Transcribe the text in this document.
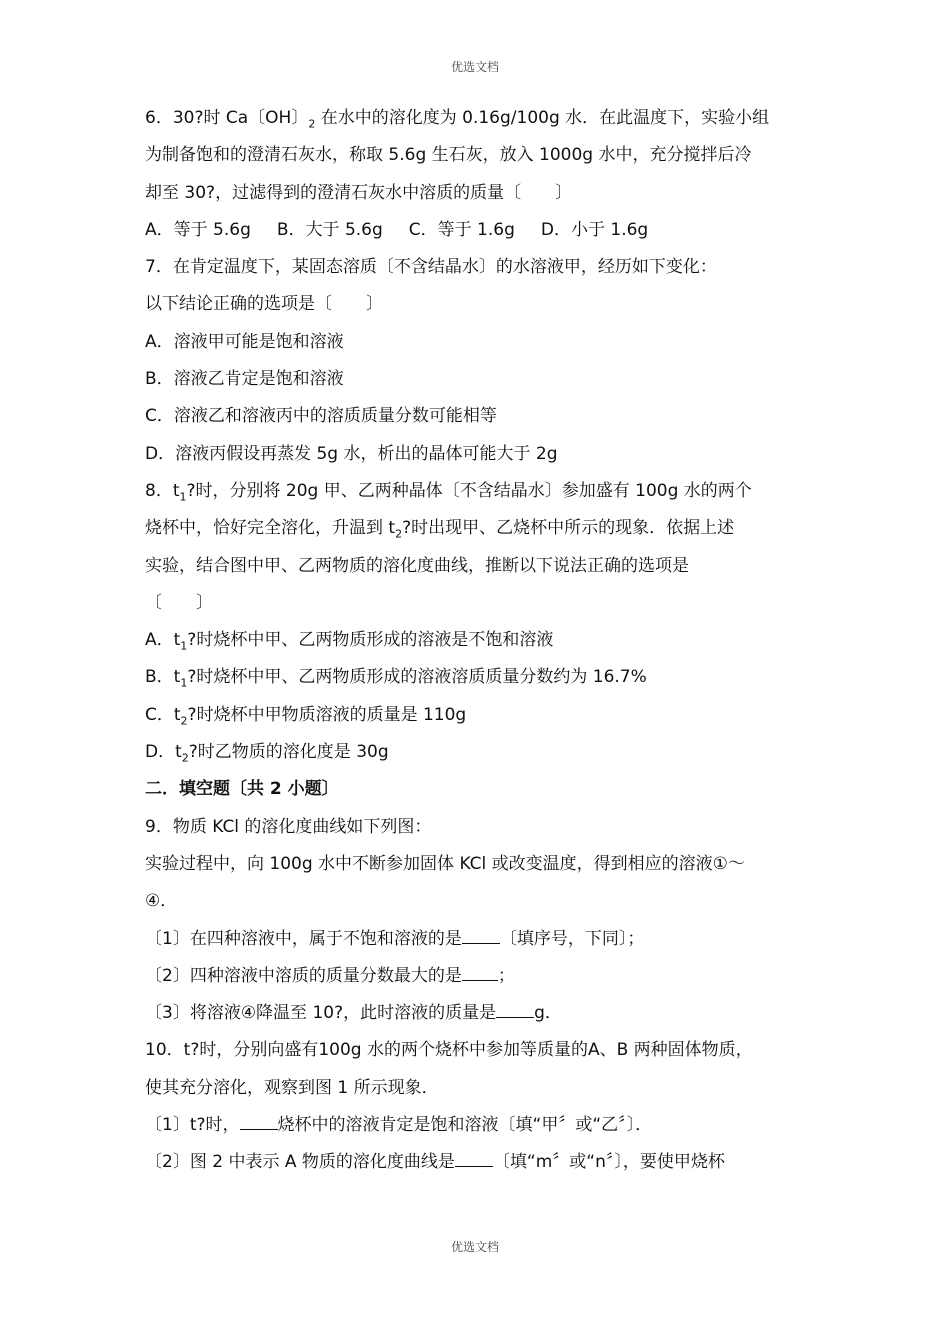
优选文档
6．30?时 Ca〔OH〕$_2$ 在水中的溶化度为 0.16g/100g 水．在此温度下，实验小组
为制备饱和的澄清石灰水，称取 5.6g 生石灰，放入 1000g 水中，充分搅拌后冷
却至 30?，过滤得到的澄清石灰水中溶质的质量〔　　〕
A．等于 5.6g B．大于 5.6g C．等于 1.6g D．小于 1.6g
7．在肯定温度下，某固态溶质〔不含结晶水〕的水溶液甲，经历如下变化：
以下结论正确的选项是〔　　〕
A．溶液甲可能是饱和溶液
B．溶液乙肯定是饱和溶液
C．溶液乙和溶液丙中的溶质质量分数可能相等
D．溶液丙假设再蒸发 5g 水，析出的晶体可能大于 2g
8．$t_1$?时，分别将 20g 甲、乙两种晶体〔不含结晶水〕参加盛有 100g 水的两个
烧杯中，恰好完全溶化，升温到 $t_2$?时出现甲、乙烧杯中所示的现象．依据上述
实验，结合图中甲、乙两物质的溶化度曲线，推断以下说法正确的选项是
〔　　〕
A．$t_1$?时烧杯中甲、乙两物质形成的溶液是不饱和溶液
B．$t_1$?时烧杯中甲、乙两物质形成的溶液溶质质量分数约为 16.7%
C．$t_2$?时烧杯中甲物质溶液的质量是 110g
D．$t_2$?时乙物质的溶化度是 30g
二．填空题〔共 2 小题〕
9．物质 KCl 的溶化度曲线如下列图：
实验过程中，向 100g 水中不断参加固体 KCl 或改变温度，得到相应的溶液①～
④．
〔1〕在四种溶液中，属于不饱和溶液的是 〔填序号，下同〕；
〔2〕四种溶液中溶质的质量分数最大的是 ；
〔3〕将溶液④降温至 10?，此时溶液的质量是 g．
10．t?时，分别向盛有100g 水的两个烧杯中参加等质量的A、B 两种固体物质，
使其充分溶化，观察到图 1 所示现象．
〔1〕t?时， 烧杯中的溶液肯定是饱和溶液〔填“甲〞或“乙〞〕．
〔2〕图 2 中表示 A 物质的溶化度曲线是 〔填“m〞或“n〞〕，要使甲烧杯
优选文档
